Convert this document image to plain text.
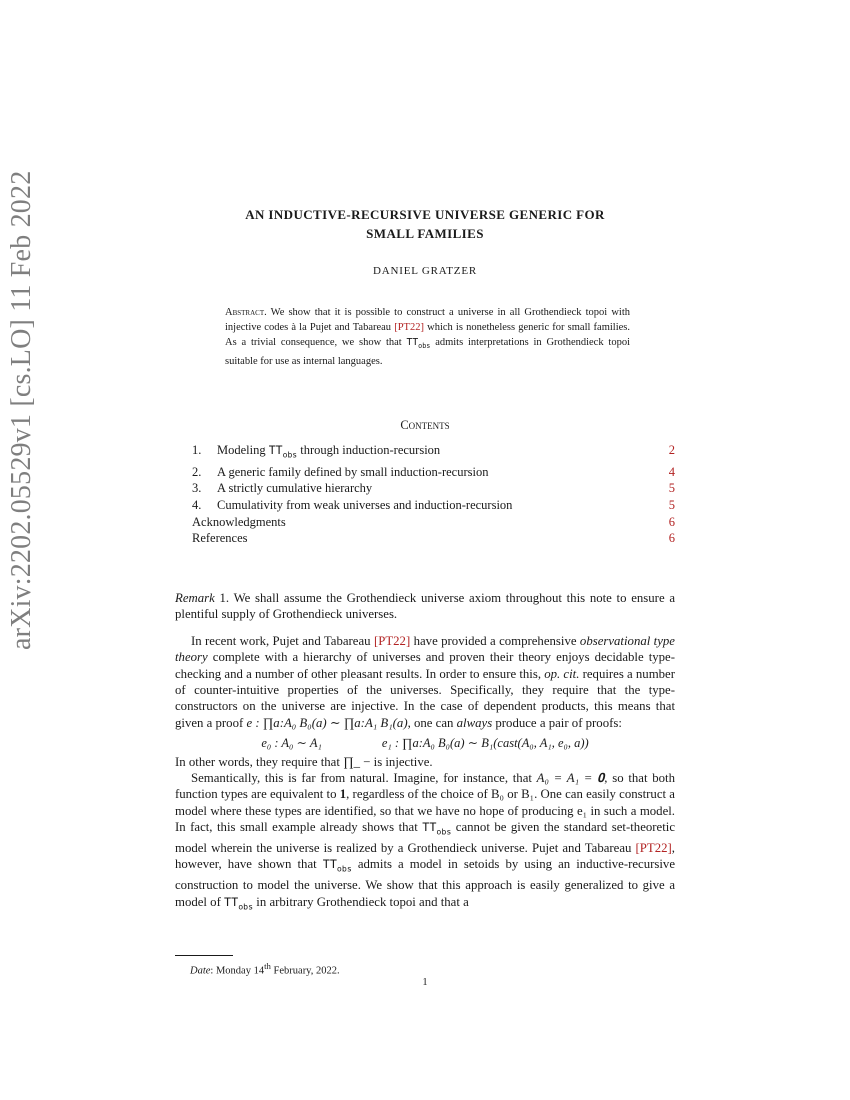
arXiv:2202.05529v1 [cs.LO] 11 Feb 2022	AN INDUCTIVE-RECURSIVE UNIVERSE GENERIC FOR
SMALL FAMILIES
DANIEL GRATZER
Abstract. We show that it is possible to construct a universe in all Grothendieck topoi with injective codes à la Pujet and Tabareau [PT22] which is nonetheless generic for small families. As a trivial consequence, we show that $TT_{obs}$ admits interpretations in Grothendieck topoi suitable for use as internal languages.
Contents
1. Modeling $TT_{obs}$ through induction-recursion	2
2. A generic family defined by small induction-recursion	4
3. A strictly cumulative hierarchy	5
4. Cumulativity from weak universes and induction-recursion	5
Acknowledgments	6
References	6

Remark 1. We shall assume the Grothendieck universe axiom throughout this note to ensure a plentiful supply of Grothendieck universes.

In recent work, Pujet and Tabareau [PT22] have provided a comprehensive observational type theory complete with a hierarchy of universes and proven their theory enjoys decidable type-checking and a number of other pleasant results. In order to ensure this, op. cit. requires a number of counter-intuitive properties of the universes. Specifically, they require that the type-constructors on the universe are injective. In the case of dependent products, this means that given a proof e : ∏a:A₀ B₀(a) ∼ ∏a:A₁ B₁(a), one can always produce a pair of proofs:

e₀ : A₀ ∼ A₁	e₁ : ∏a:A₀ B₀(a) ∼ B₁(cast(A₀, A₁, e₀, a))

In other words, they require that ∏_ − is injective.

Semantically, this is far from natural. Imagine, for instance, that A₀ = A₁ = 𝟎, so that both function types are equivalent to 1, regardless of the choice of B₀ or B₁. One can easily construct a model where these types are identified, so that we have no hope of producing e₁ in such a model. In fact, this small example already shows that $TT_{obs}$ cannot be given the standard set-theoretic model wherein the universe is realized by a Grothendieck universe. Pujet and Tabareau [PT22], however, have shown that $TT_{obs}$ admits a model in setoids by using an inductive-recursive construction to model the universe. We show that this approach is easily generalized to give a model of $TT_{obs}$ in arbitrary Grothendieck topoi and that a

Date: Monday 14th February, 2022.
1
